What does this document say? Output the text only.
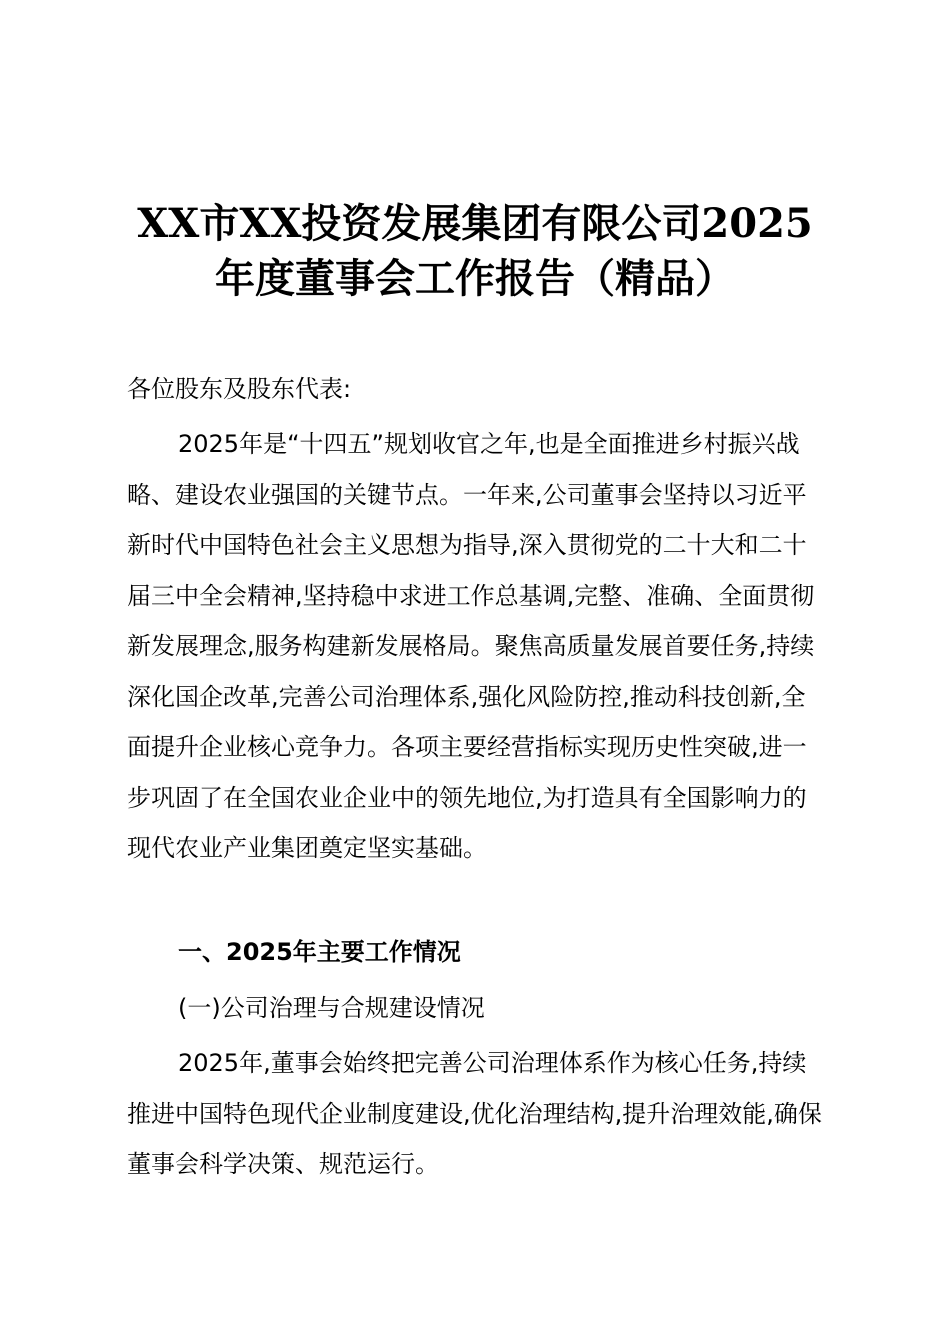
XX市XX投资发展集团有限公司2025
年度董事会工作报告（精品）

各位股东及股东代表:

2025年是“十四五”规划收官之年,也是全面推进乡村振兴战略、建设农业强国的关键节点。一年来,公司董事会坚持以习近平新时代中国特色社会主义思想为指导,深入贯彻党的二十大和二十届三中全会精神,坚持稳中求进工作总基调,完整、准确、全面贯彻新发展理念,服务构建新发展格局。聚焦高质量发展首要任务,持续深化国企改革,完善公司治理体系,强化风险防控,推动科技创新,全面提升企业核心竞争力。各项主要经营指标实现历史性突破,进一步巩固了在全国农业企业中的领先地位,为打造具有全国影响力的现代农业产业集团奠定坚实基础。

一、2025年主要工作情况

(一)公司治理与合规建设情况

2025年,董事会始终把完善公司治理体系作为核心任务,持续推进中国特色现代企业制度建设,优化治理结构,提升治理效能,确保董事会科学决策、规范运行。
